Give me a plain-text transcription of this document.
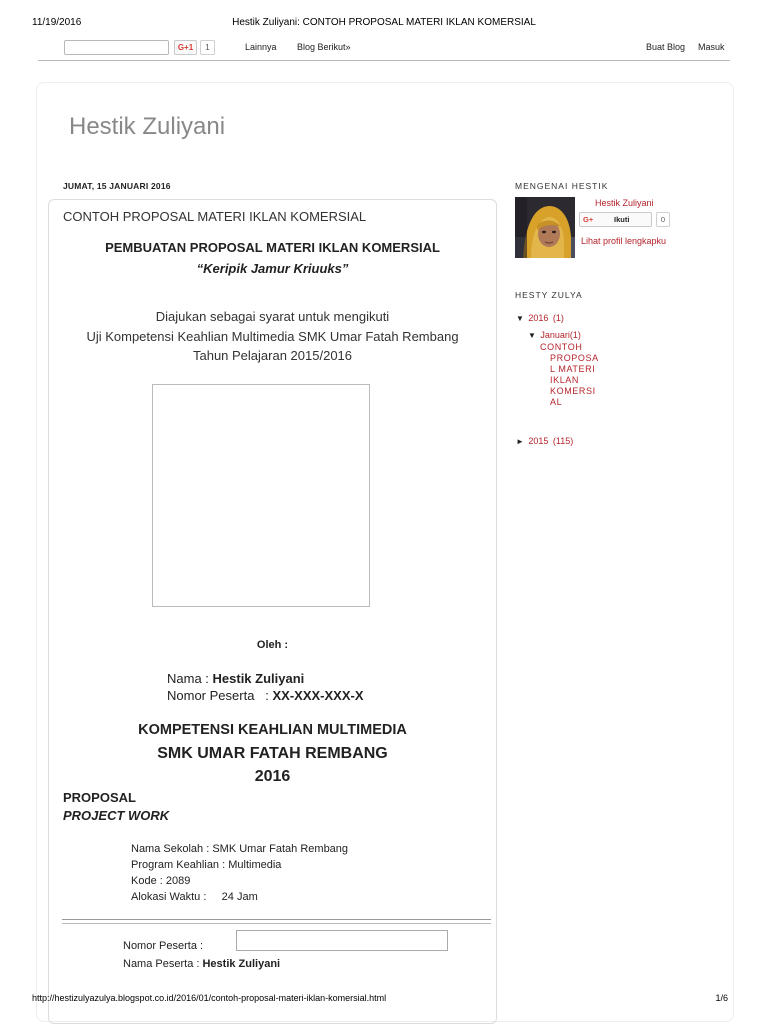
11/19/2016	Hestik Zuliyani: CONTOH PROPOSAL MATERI IKLAN KOMERSIAL
G+1	1	Lainnya Blog Berikut»	Buat Blog Masuk
Hestik Zuliyani
JUMAT, 15 JANUARI 2016
CONTOH PROPOSAL MATERI IKLAN KOMERSIAL
PEMBUATAN PROPOSAL MATERI IKLAN KOMERSIAL
“Keripik Jamur Kriuuks”
Diajukan sebagai syarat untuk mengikuti
Uji Kompetensi Keahlian Multimedia SMK Umar Fatah Rembang
Tahun Pelajaran 2015/2016
Oleh :
Nama : Hestik Zuliyani
Nomor Peserta   : XX-XXX-XXX-X
KOMPETENSI KEAHLIAN MULTIMEDIA
SMK UMAR FATAH REMBANG
2016
PROPOSAL
PROJECT WORK
Nama Sekolah : SMK Umar Fatah Rembang
Program Keahlian : Multimedia
Kode : 2089
Alokasi Waktu :     24 Jam
Nomor Peserta :
Nama Peserta : Hestik Zuliyani
MENGENAI HESTIK
Hestik Zuliyani
G+	Ikuti	0
Lihat profil lengkapku
HESTY ZULYA
▼ 2016 (1)
▼ Januari(1)
CONTOH
PROPOSA
L MATERI
IKLAN
KOMERSI
AL
► 2015 (115)
http://hestizulyazulya.blogspot.co.id/2016/01/contoh-proposal-materi-iklan-komersial.html	1/6
